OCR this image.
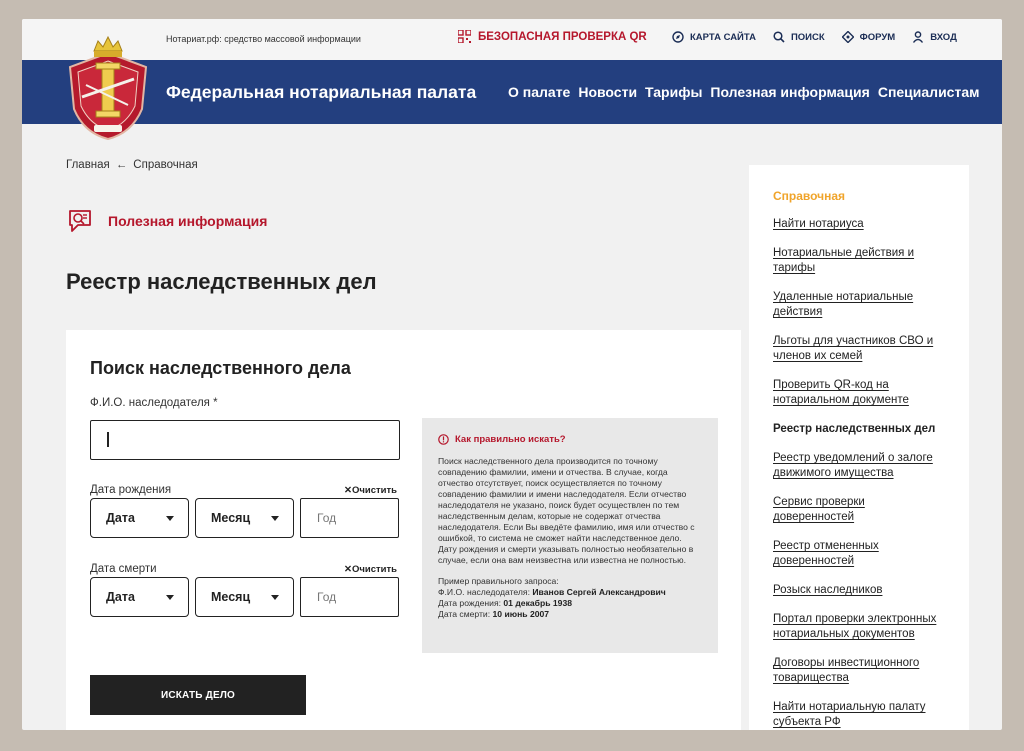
Нотариат.рф: средство массовой информации	БЕЗОПАСНАЯ ПРОВЕРКА QR	КАРТА САЙТА	ПОИСК	ФОРУМ	ВХОД
Федеральная нотариальная палата О палате Новости Тарифы Полезная информация Специалистам
Главная ← Справочная
Полезная информация
Реестр наследственных дел
Поиск наследственного дела
Ф.И.О. наследодателя *
Дата рождения	✕Очистить
Дата	Месяц	Год
Дата смерти	✕Очистить
Дата	Месяц	Год
ИСКАТЬ ДЕЛО
Как правильно искать?

Поиск наследственного дела производится по точному совпадению фамилии, имени и отчества. В случае, когда отчество отсутствует, поиск осуществляется по точному совпадению фамилии и имени наследодателя. Если отчество наследодателя не указано, поиск будет осуществлен по тем наследственным делам, которые не содержат отчества наследодателя. Если Вы введёте фамилию, имя или отчество с ошибкой, то система не сможет найти наследственное дело. Дату рождения и смерти указывать полностью необязательно в случае, если она вам неизвестна или известна не полностью.

Пример правильного запроса:
Ф.И.О. наследодателя: Иванов Сергей Александрович
Дата рождения: 01 декабрь 1938
Дата смерти: 10 июнь 2007
Справочная
Найти нотариуса
Нотариальные действия и тарифы
Удаленные нотариальные действия
Льготы для участников СВО и членов их семей
Проверить QR-код на нотариальном документе
Реестр наследственных дел
Реестр уведомлений о залоге движимого имущества
Сервис проверки доверенностей
Реестр отмененных доверенностей
Розыск наследников
Портал проверки электронных нотариальных документов
Договоры инвестиционного товарищества
Найти нотариальную палату субъекта РФ
